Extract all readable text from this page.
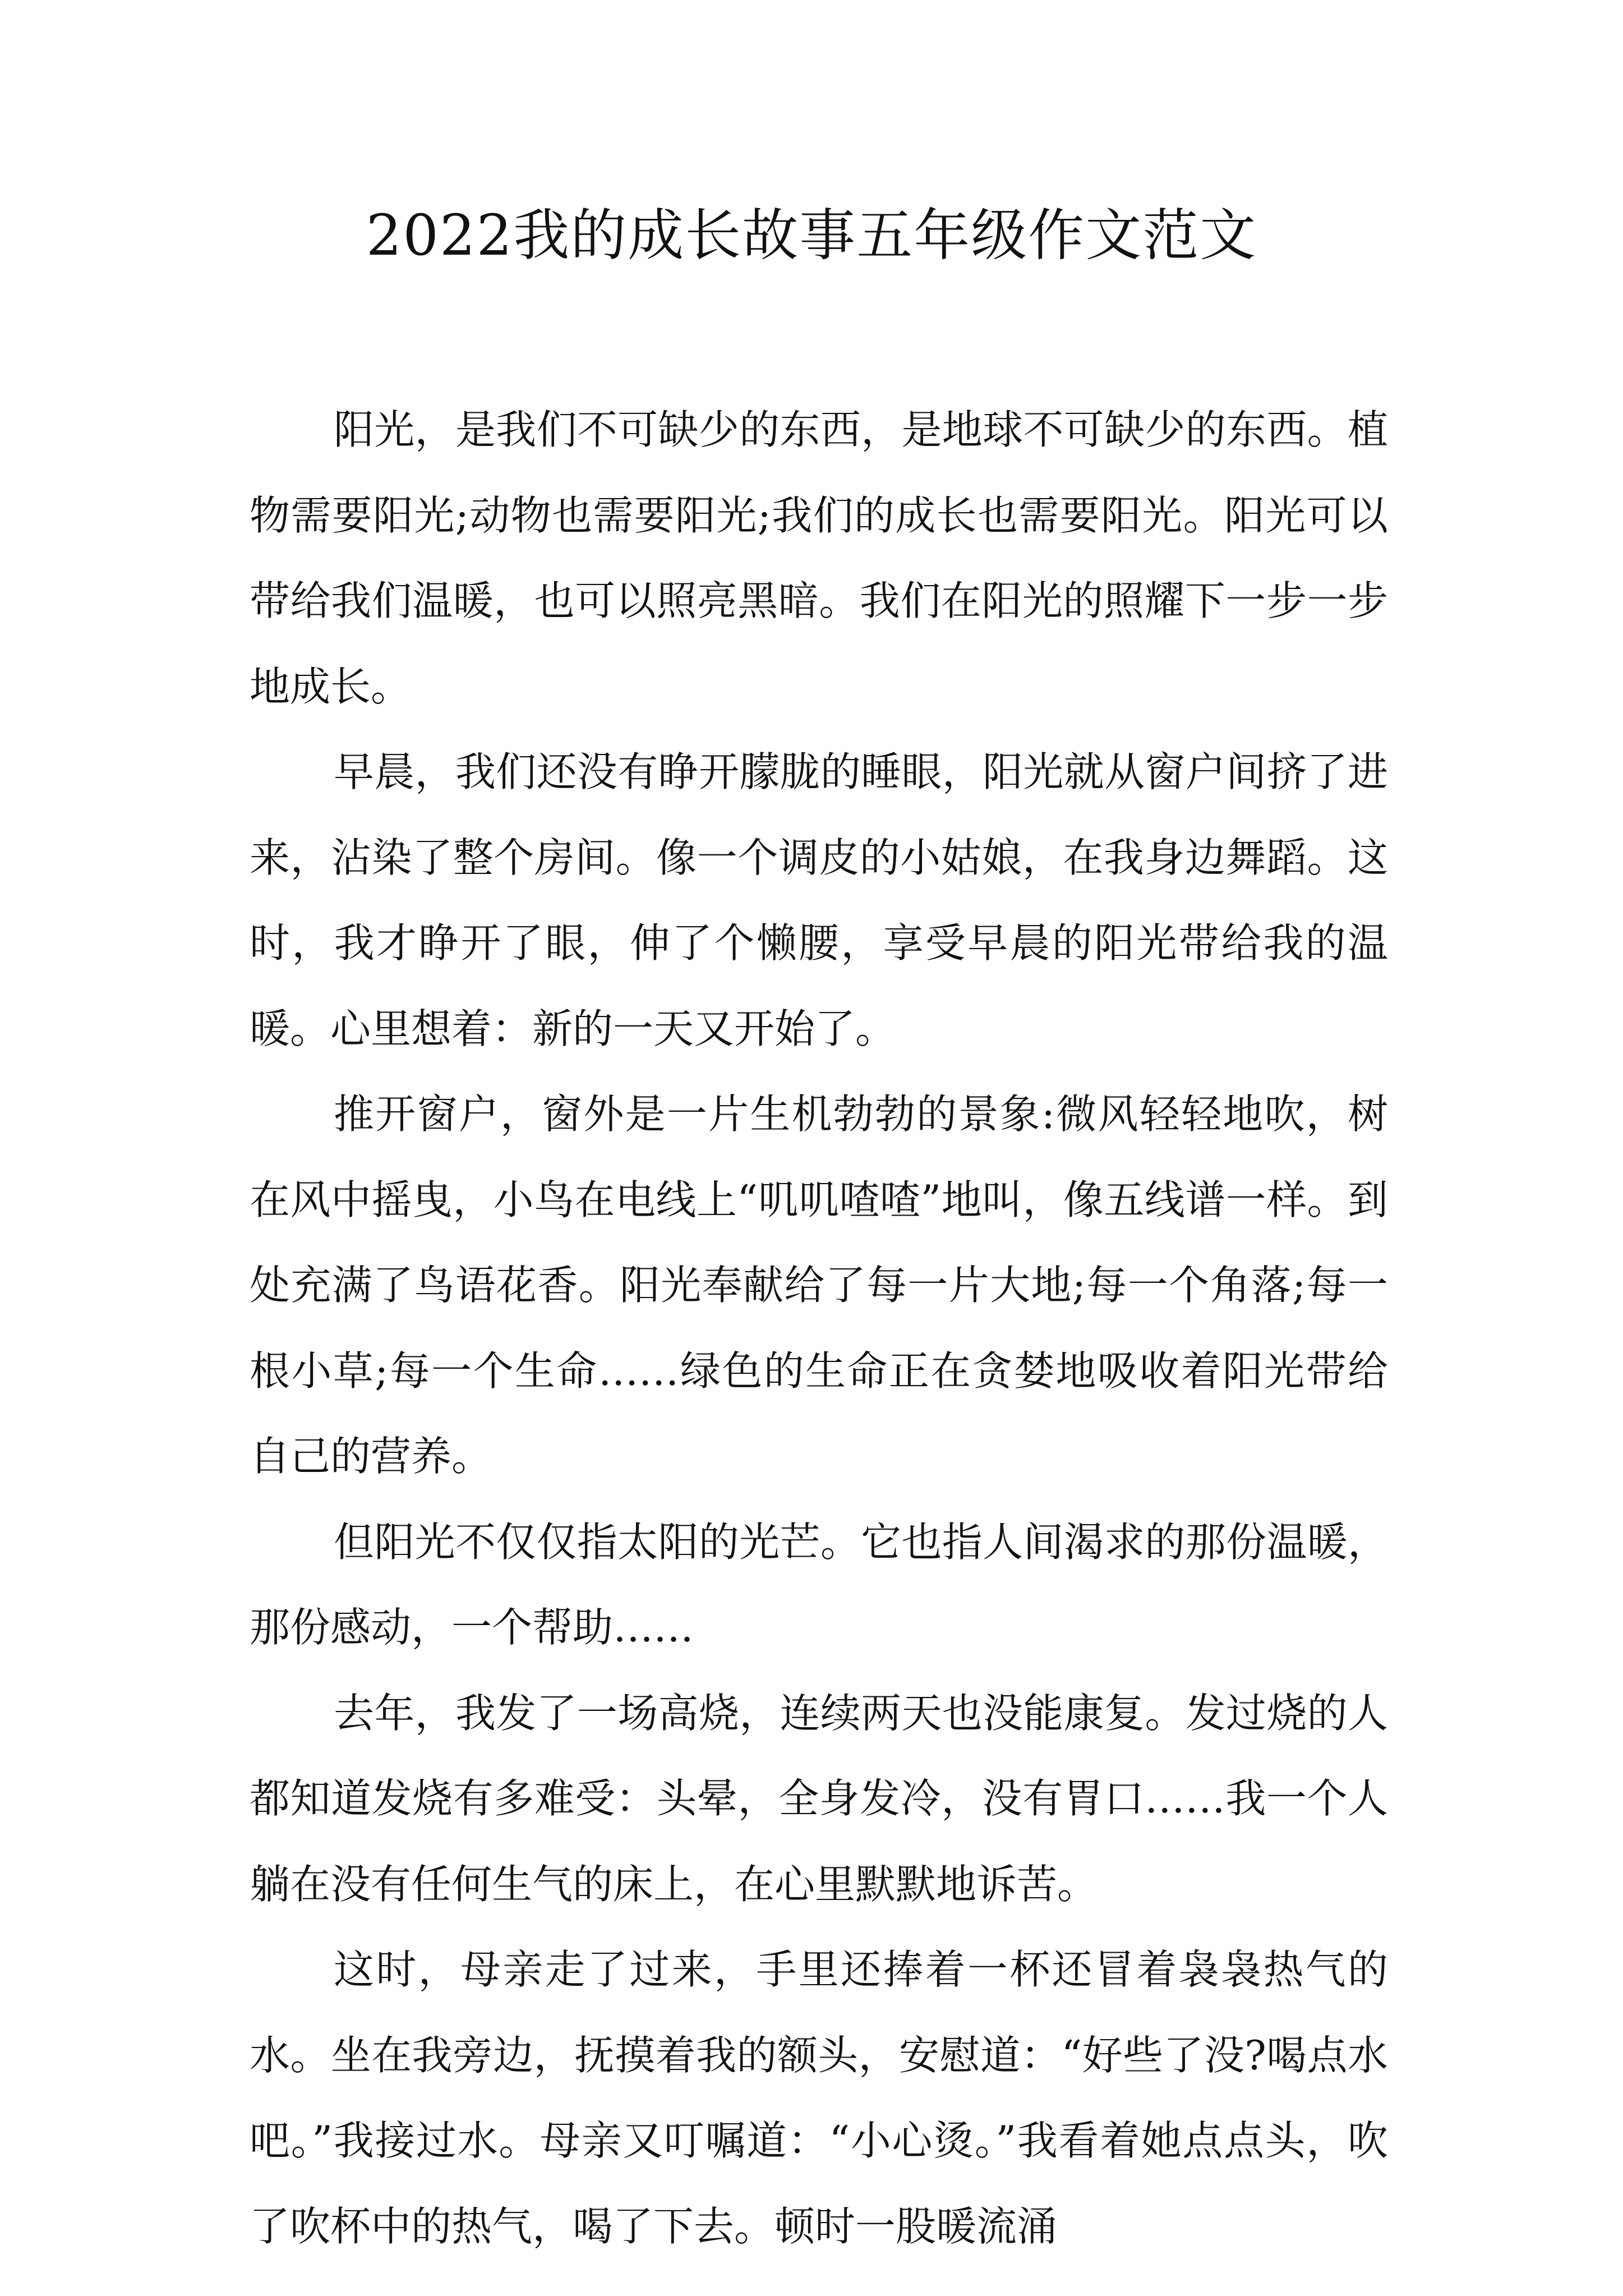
2022我的成长故事五年级作文范文

阳光，是我们不可缺少的东西，是地球不可缺少的东西。植物需要阳光;动物也需要阳光;我们的成长也需要阳光。阳光可以带给我们温暖，也可以照亮黑暗。我们在阳光的照耀下一步一步地成长。

早晨，我们还没有睁开朦胧的睡眼，阳光就从窗户间挤了进来，沾染了整个房间。像一个调皮的小姑娘，在我身边舞蹈。这时，我才睁开了眼，伸了个懒腰，享受早晨的阳光带给我的温暖。心里想着：新的一天又开始了。

推开窗户，窗外是一片生机勃勃的景象:微风轻轻地吹，树在风中摇曳，小鸟在电线上“叽叽喳喳”地叫，像五线谱一样。到处充满了鸟语花香。阳光奉献给了每一片大地;每一个角落;每一根小草;每一个生命……绿色的生命正在贪婪地吸收着阳光带给自己的营养。

但阳光不仅仅指太阳的光芒。它也指人间渴求的那份温暖，那份感动，一个帮助……

去年，我发了一场高烧，连续两天也没能康复。发过烧的人都知道发烧有多难受：头晕，全身发冷，没有胃口……我一个人躺在没有任何生气的床上，在心里默默地诉苦。

这时，母亲走了过来，手里还捧着一杯还冒着袅袅热气的水。坐在我旁边，抚摸着我的额头，安慰道：“好些了没?喝点水吧。”我接过水。母亲又叮嘱道：“小心烫。”我看着她点点头，吹了吹杯中的热气，喝了下去。顿时一股暖流涌
